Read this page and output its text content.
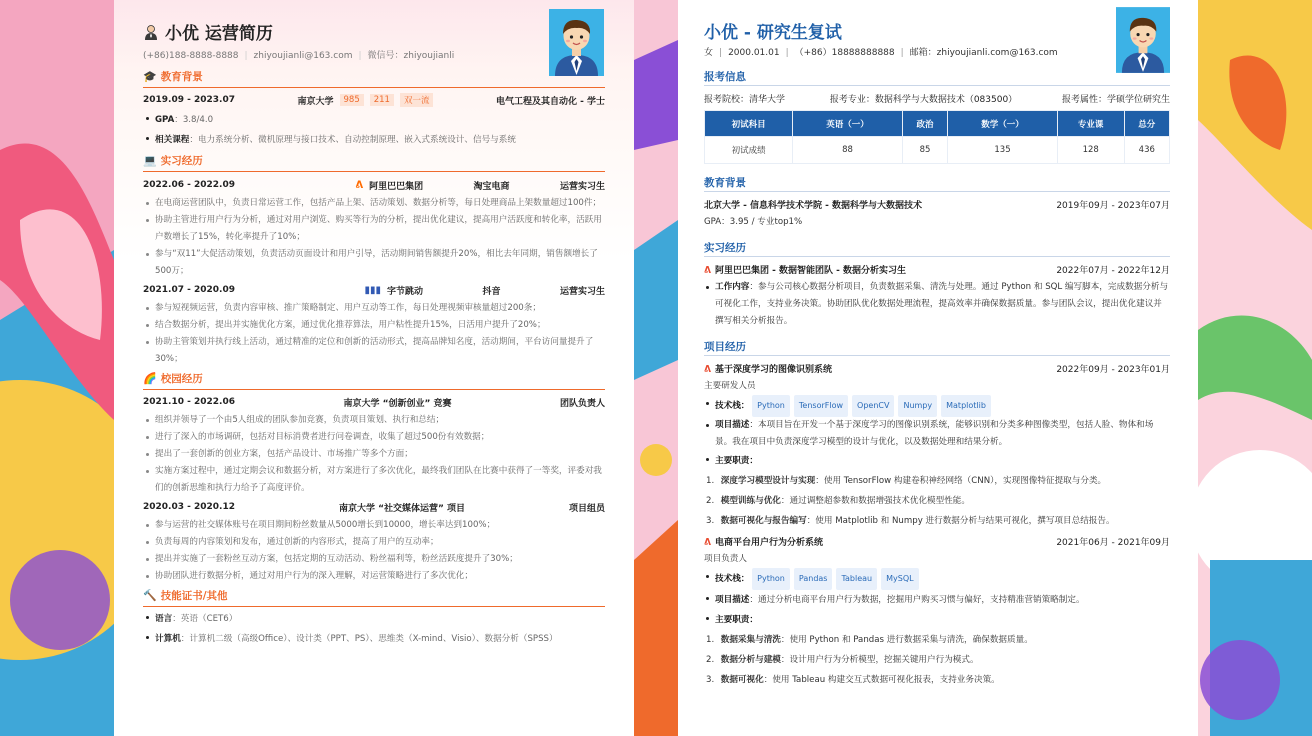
小优 运营简历
(+86)188-8888-8888 | zhiyoujianli@163.com | 微信号：zhiyoujianli
🎓 教育背景
2019.09 - 2023.07	南京大学	985	211	双一流	电气工程及其自动化 - 学士
GPA：3.8/4.0
相关课程：电力系统分析、微机原理与接口技术、自动控制原理、嵌入式系统设计、信号与系统
💻 实习经历
2022.06 - 2022.09	ᕕ 阿里巴巴集团	淘宝电商	运营实习生
在电商运营团队中，负责日常运营工作，包括产品上架、活动策划、数据分析等，每日处理商品上架数量超过100件；
协助主管进行用户行为分析，通过对用户浏览、购买等行为的分析，提出优化建议，提高用户活跃度和转化率，活跃用户数增长了15%，转化率提升了10%；
参与“双11”大促活动策划，负责活动页面设计和用户引导，活动期间销售额提升20%，相比去年同期，销售额增长了500万；
2021.07 - 2020.09	▮▮▮ 字节跳动	抖音	运营实习生
参与短视频运营，负责内容审核、推广策略制定、用户互动等工作，每日处理视频审核量超过200条；
结合数据分析，提出并实施优化方案，通过优化推荐算法，用户粘性提升15%，日活用户提升了20%；
协助主管策划并执行线上活动，通过精准的定位和创新的活动形式，提高品牌知名度，活动期间，平台访问量提升了30%；
🌈 校园经历
2021.10 - 2022.06	南京大学 “创新创业” 竞赛	团队负责人
组织并领导了一个由5人组成的团队参加竞赛，负责项目策划、执行和总结；
进行了深入的市场调研，包括对目标消费者进行问卷调查，收集了超过500份有效数据；
提出了一套创新的创业方案，包括产品设计、市场推广等多个方面；
实施方案过程中，通过定期会议和数据分析，对方案进行了多次优化，最终我们团队在比赛中获得了一等奖，评委对我们的创新思维和执行力给予了高度评价。
2020.03 - 2020.12	南京大学 “社交媒体运营” 项目	项目组员
参与运营的社交媒体账号在项目期间粉丝数量从5000增长到10000，增长率达到100%；
负责每周的内容策划和发布，通过创新的内容形式，提高了用户的互动率；
提出并实施了一套粉丝互动方案，包括定期的互动活动、粉丝福利等，粉丝活跃度提升了30%；
协助团队进行数据分析，通过对用户行为的深入理解，对运营策略进行了多次优化；
🔨 技能证书/其他
语言：英语（CET6）
计算机：计算机二级（高级Office）、设计类（PPT、PS）、思维类（X-mind、Visio）、数据分析（SPSS）
小优 - 研究生复试
女 | 2000.01.01 | （+86）18888888888 | 邮箱：zhiyoujianli.com@163.com
报考信息
报考院校：清华大学	报考专业：数据科学与大数据技术（083500）	报考属性：学硕学位研究生
初试科目	英语（一）	政治	数学（一）	专业课	总分
初试成绩	88	85	135	128	436
教育背景
北京大学 - 信息科学技术学院 - 数据科学与大数据技术	2019年09月 - 2023年07月
GPA：3.95 / 专业top1%
实习经历
ᕕ 阿里巴巴集团 - 数据智能团队 - 数据分析实习生	2022年07月 - 2022年12月
工作内容：参与公司核心数据分析项目，负责数据采集、清洗与处理。通过 Python 和 SQL 编写脚本，完成数据分析与可视化工作，支持业务决策。协助团队优化数据处理流程，提高效率并确保数据质量。参与团队会议，提出优化建议并撰写相关分析报告。
项目经历
ᕕ 基于深度学习的图像识别系统	2022年09月 - 2023年01月
主要研发人员
技术栈： Python TensorFlow OpenCV Numpy Matplotlib
项目描述：本项目旨在开发一个基于深度学习的图像识别系统，能够识别和分类多种图像类型，包括人脸、物体和场景。我在项目中负责深度学习模型的设计与优化，以及数据处理和结果分析。
主要职责：
1. 深度学习模型设计与实现：使用 TensorFlow 构建卷积神经网络（CNN），实现图像特征提取与分类。
2. 模型训练与优化：通过调整超参数和数据增强技术优化模型性能。
3. 数据可视化与报告编写：使用 Matplotlib 和 Numpy 进行数据分析与结果可视化，撰写项目总结报告。
ᕕ 电商平台用户行为分析系统	2021年06月 - 2021年09月
项目负责人
技术栈： Python Pandas Tableau MySQL
项目描述：通过分析电商平台用户行为数据，挖掘用户购买习惯与偏好，支持精准营销策略制定。
主要职责：
1. 数据采集与清洗：使用 Python 和 Pandas 进行数据采集与清洗，确保数据质量。
2. 数据分析与建模：设计用户行为分析模型，挖掘关键用户行为模式。
3. 数据可视化：使用 Tableau 构建交互式数据可视化报表，支持业务决策。
